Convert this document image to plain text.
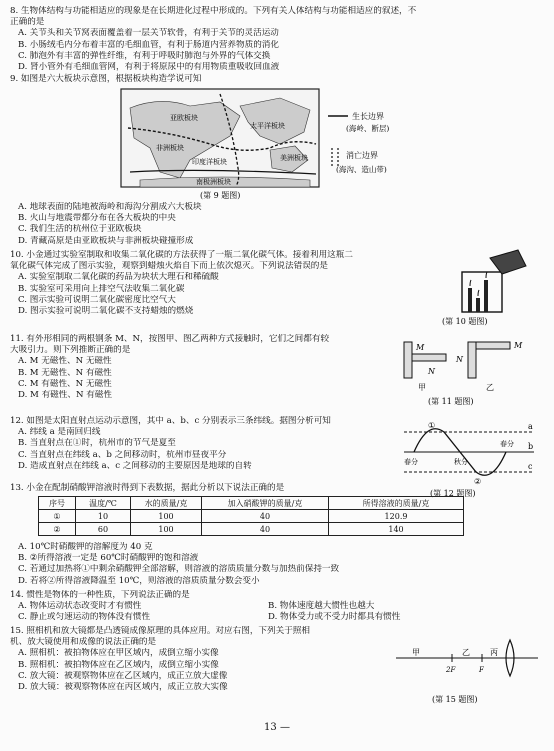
8. 生物体结构与功能相适应的现象是在长期进化过程中形成的。下列有关人体结构与功能相适应的叙述，不
正确的是
A. 关节头和关节窝表面覆盖着一层关节软骨，有利于关节的灵活运动
B. 小肠绒毛内分布着丰富的毛细血管，有利于肠道内营养物质的消化
C. 肺泡外有丰富的弹性纤维，有利于呼吸时肺泡与外界的气体交换
D. 肾小管外有毛细血管网，有利于将原尿中的有用物质重吸收回血液
9. 如图是六大板块示意图，根据板块构造学说可知
亚欧板块
太平洋板块
美洲板块
非洲板块
印度洋板块
南极洲板块
生长边界
(海岭、断层)
消亡边界
(海沟、造山带)
(第 9 题图)
A. 地球表面的陆地被海岭和海沟分割成六大板块
B. 火山与地震带都分布在各大板块的中央
C. 我们生活的杭州位于亚欧板块
D. 青藏高原是由亚欧板块与非洲板块碰撞形成
10. 小金通过实验室制取和收集二氧化碳的方法获得了一瓶二氧化碳气体。接着利用这瓶二
氧化碳气体完成了图示实验，观察到蜡烛火焰自下而上依次熄灭。下列说法错误的是
A. 实验室制取二氧化碳的药品为块状大理石和稀硫酸
B. 实验室可采用向上排空气法收集二氧化碳
C. 图示实验可说明二氧化碳密度比空气大
D. 图示实验可说明二氧化碳不支持蜡烛的燃烧
(第 10 题图)
11. 有外形相同的两根钢条 M、N，按图甲、图乙两种方式接触时，它们之间都有较
大吸引力。则下列推断正确的是
A. M 无磁性、N 无磁性
B. M 无磁性、N 有磁性
C. M 有磁性、N 无磁性
D. M 有磁性、N 有磁性
M
N
N
M
甲	乙
(第 11 题图)
12. 如图是太阳直射点运动示意图，其中 a、b、c 分别表示三条纬线。据图分析可知
A. 纬线 a 是南回归线
B. 当直射点在①时，杭州市的节气是夏至
C. 当直射点在纬线 a、b 之间移动时，杭州市昼夜平分
D. 造成直射点在纬线 a、c 之间移动的主要原因是地球的自转
a
b
c
①
春分	秋分
春分
②
(第 12 题图)
13. 小金在配制硝酸钾溶液时得到下表数据，据此分析以下说法正确的是
序号	温度/℃	水的质量/克	加入硝酸钾的质量/克	所得溶液的质量/克
①	10	100	40	120.9
②	60	100	40	140
A. 10℃时硝酸钾的溶解度为 40 克
B. ②所得溶液一定是 60℃时硝酸钾的饱和溶液
C. 若通过加热将①中剩余硝酸钾全部溶解，则溶液的溶质质量分数与加热前保持一致
D. 若将②所得溶液降温至 10℃，则溶液的溶质质量分数会变小
14. 惯性是物体的一种性质，下列说法正确的是
A. 物体运动状态改变时才有惯性	B. 物体速度越大惯性也越大
C. 静止或匀速运动的物体没有惯性	D. 物体受力或不受力时都具有惯性
15. 照相机和放大镜都是凸透镜成像原理的具体应用。对应右图，下列关于照相
机、放大镜使用和成像的说法正确的是
A. 照相机：被拍物体应在甲区域内，成倒立缩小实像
B. 照相机：被拍物体应在乙区域内，成倒立缩小实像
C. 放大镜：被观察物体应在乙区域内，成正立放大虚像
D. 放大镜：被观察物体应在丙区域内，成正立放大实像
甲	乙	丙
2F	F
(第 15 题图)
13 —
